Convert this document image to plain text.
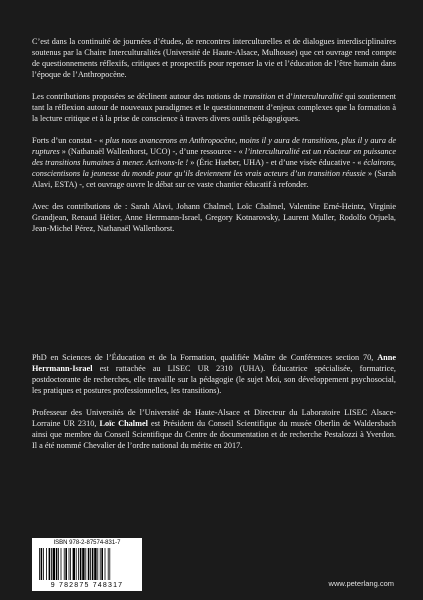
C’est dans la continuité de journées d’études, de rencontres interculturelles et de dialogues interdisciplinaires soutenus par la Chaire Interculturalités (Université de Haute-Alsace, Mulhouse) que cet ouvrage rend compte de questionnements réflexifs, critiques et prospectifs pour repenser la vie et l’éducation de l’être humain dans l’époque de l’Anthropocène.

Les contributions proposées se déclinent autour des notions de transition et d’interculturalité qui soutiennent tant la réflexion autour de nouveaux paradigmes et le questionnement d’enjeux complexes que la formation à la lecture critique et à la prise de conscience à travers divers outils pédagogiques.

Forts d’un constat - « plus nous avancerons en Anthropocène, moins il y aura de transitions, plus il y aura de ruptures » (Nathanaël Wallenhorst, UCO) -, d’une ressource - « l’interculturalité est un réacteur en puissance des transitions humaines à mener. Activons-le ! » (Éric Hueber, UHA) - et d’une visée éducative - « éclairons, conscientisons la jeunesse du monde pour qu’ils deviennent les vrais acteurs d’un transition réussie » (Sarah Alavi, ESTA) -, cet ouvrage ouvre le débat sur ce vaste chantier éducatif à refonder.

Avec des contributions de : Sarah Alavi, Johann Chalmel, Loïc Chalmel, Valentine Erné-Heintz, Virginie Grandjean, Renaud Hétier, Anne Herrmann-Israel, Gregory Kotnarovsky, Laurent Muller, Rodolfo Orjuela, Jean-Michel Pérez, Nathanaël Wallenhorst.

PhD en Sciences de l’Éducation et de la Formation, qualifiée Maître de Conférences section 70, Anne Herrmann-Israel est rattachée au LISEC UR 2310 (UHA). Éducatrice spécialisée, formatrice, postdoctorante de recherches, elle travaille sur la pédagogie (le sujet Moi, son développement psychosocial, les pratiques et postures professionnelles, les transitions).

Professeur des Universités de l’Université de Haute-Alsace et Directeur du Laboratoire LISEC Alsace-Lorraine UR 2310, Loïc Chalmel est Président du Conseil Scientifique du musée Oberlin de Waldersbach ainsi que membre du Conseil Scientifique du Centre de documentation et de recherche Pestalozzi à Yverdon. Il a été nommé Chevalier de l’ordre national du mérite en 2017.

ISBN 978-2-87574-831-7
9 782875 748317	www.peterlang.com
